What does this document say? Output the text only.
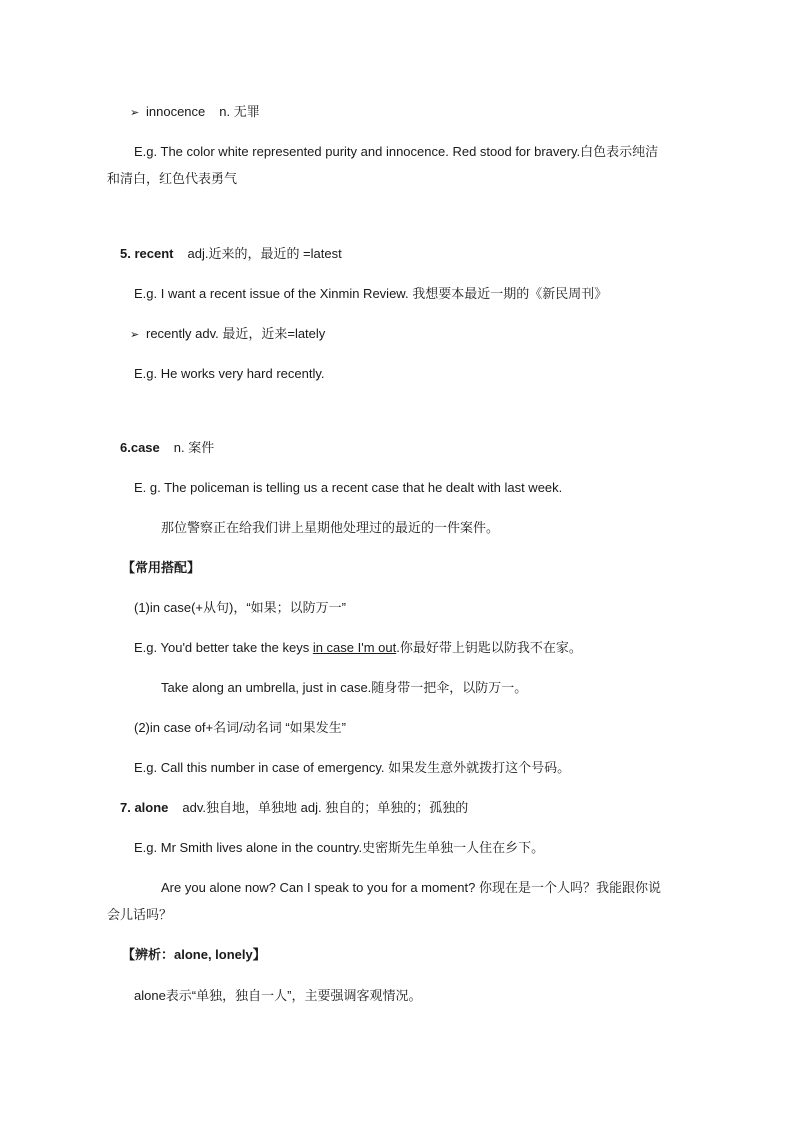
➢ innocence n. 无罪
E.g. The color white represented purity and innocence. Red stood for bravery.白色表示纯洁
和清白，红色代表勇气
5. recent adj.近来的，最近的 =latest
E.g. I want a recent issue of the Xinmin Review. 我想要本最近一期的《新民周刊》
➢ recently adv. 最近，近来=lately
E.g. He works very hard recently.
6.case n. 案件
E. g. The policeman is telling us a recent case that he dealt with last week.
那位警察正在给我们讲上星期他处理过的最近的一件案件。
【常用搭配】
(1)in case(+从句)，“如果；以防万一”
E.g. You'd better take the keys in case I'm out.你最好带上钥匙以防我不在家。
Take along an umbrella, just in case.随身带一把伞，以防万一。
(2)in case of+名词/动名词 “如果发生”
E.g. Call this number in case of emergency. 如果发生意外就拨打这个号码。
7. alone adv.独自地，单独地 adj. 独自的；单独的；孤独的
E.g. Mr Smith lives alone in the country.史密斯先生单独一人住在乡下。
Are you alone now? Can I speak to you for a moment? 你现在是一个人吗？我能跟你说
会儿话吗？
【辨析：alone, lonely】
alone表示“单独，独自一人”，主要强调客观情况。
